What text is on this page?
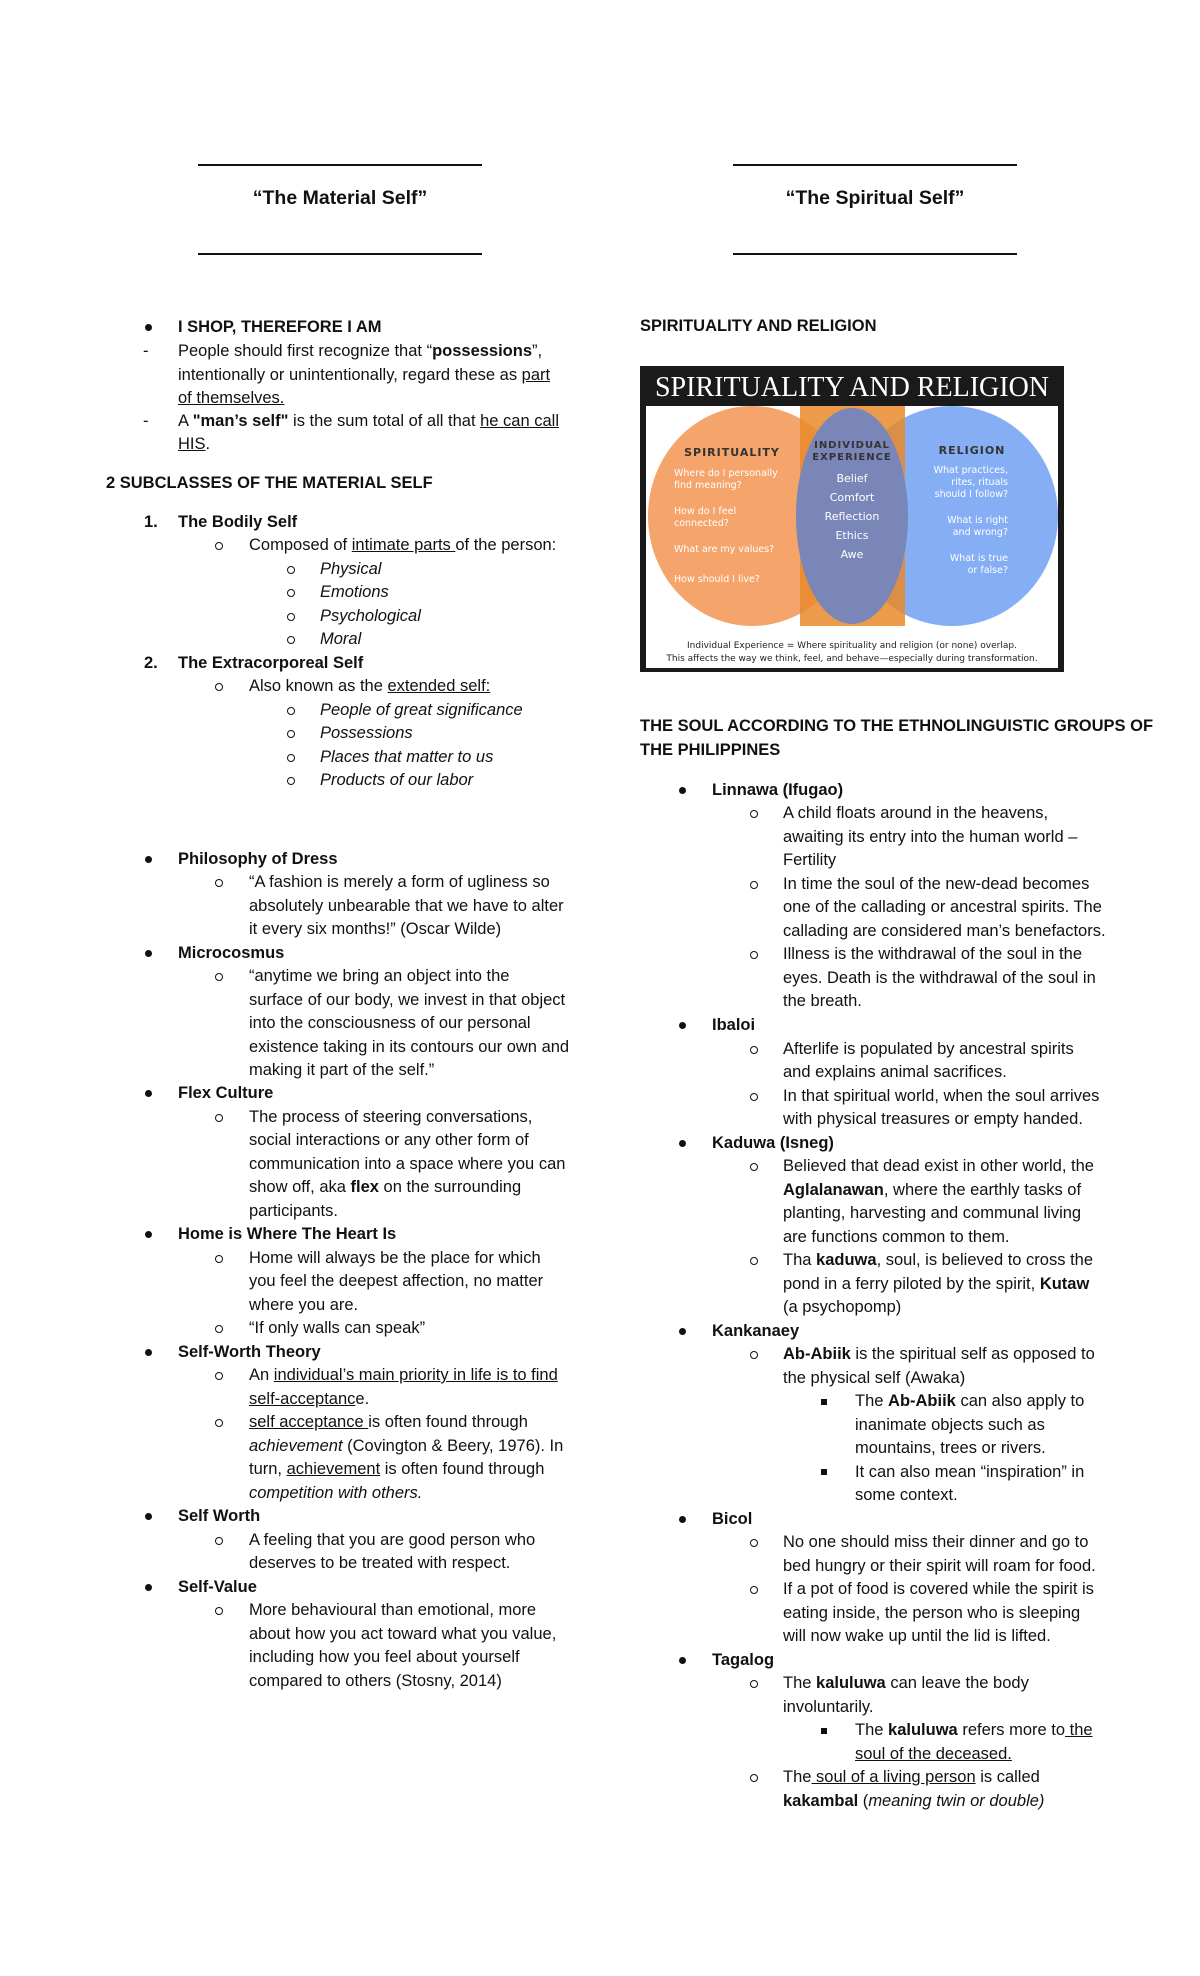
“The Material Self”	“The Spiritual Self”
I SHOP, THEREFORE I AM
- People should first recognize that “possessions”,
intentionally or unintentionally, regard these as part
of themselves.
- A "man’s self" is the sum total of all that he can call
HIS.
2 SUBCLASSES OF THE MATERIAL SELF
1. The Bodily Self
Composed of intimate parts of the person:
Physical
Emotions
Psychological
Moral
2. The Extracorporeal Self
Also known as the extended self:
People of great significance
Possessions
Places that matter to us
Products of our labor
Philosophy of Dress
“A fashion is merely a form of ugliness so
absolutely unbearable that we have to alter
it every six months!” (Oscar Wilde)
Microcosmus
“anytime we bring an object into the
surface of our body, we invest in that object
into the consciousness of our personal
existence taking in its contours our own and
making it part of the self.”
Flex Culture
The process of steering conversations,
social interactions or any other form of
communication into a space where you can
show off, aka flex on the surrounding
participants.
Home is Where The Heart Is
Home will always be the place for which
you feel the deepest affection, no matter
where you are.
“If only walls can speak”
Self-Worth Theory
An individual’s main priority in life is to find
self-acceptance.
self acceptance is often found through
achievement (Covington & Beery, 1976). In
turn, achievement is often found through
competition with others.
Self Worth
A feeling that you are good person who
deserves to be treated with respect.
Self-Value
More behavioural than emotional, more
about how you act toward what you value,
including how you feel about yourself
compared to others (Stosny, 2014)
SPIRITUALITY AND RELIGION
SPIRITUALITY AND RELIGION
SPIRITUALITY
Where do I personally
find meaning?
How do I feel
connected?
What are my values?
How should I live?
INDIVIDUAL
EXPERIENCE
Belief
Comfort
Reflection
Ethics
Awe
RELIGION
What practices,
rites, rituals
should I follow?
What is right
and wrong?
What is true
or false?
Individual Experience = Where spirituality and religion (or none) overlap.
This affects the way we think, feel, and behave—especially during transformation.
THE SOUL ACCORDING TO THE ETHNOLINGUISTIC GROUPS OF
THE PHILIPPINES
Linnawa (Ifugao)
A child floats around in the heavens,
awaiting its entry into the human world –
Fertility
In time the soul of the new-dead becomes
one of the callading or ancestral spirits. The
callading are considered man’s benefactors.
Illness is the withdrawal of the soul in the
eyes. Death is the withdrawal of the soul in
the breath.
Ibaloi
Afterlife is populated by ancestral spirits
and explains animal sacrifices.
In that spiritual world, when the soul arrives
with physical treasures or empty handed.
Kaduwa (Isneg)
Believed that dead exist in other world, the
Aglalanawan, where the earthly tasks of
planting, harvesting and communal living
are functions common to them.
Tha kaduwa, soul, is believed to cross the
pond in a ferry piloted by the spirit, Kutaw
(a psychopomp)
Kankanaey
Ab-Abiik is the spiritual self as opposed to
the physical self (Awaka)
The Ab-Abiik can also apply to
inanimate objects such as
mountains, trees or rivers.
It can also mean “inspiration” in
some context.
Bicol
No one should miss their dinner and go to
bed hungry or their spirit will roam for food.
If a pot of food is covered while the spirit is
eating inside, the person who is sleeping
will now wake up until the lid is lifted.
Tagalog
The kaluluwa can leave the body
involuntarily.
The kaluluwa refers more to the
soul of the deceased.
The soul of a living person is called
kakambal (meaning twin or double)
